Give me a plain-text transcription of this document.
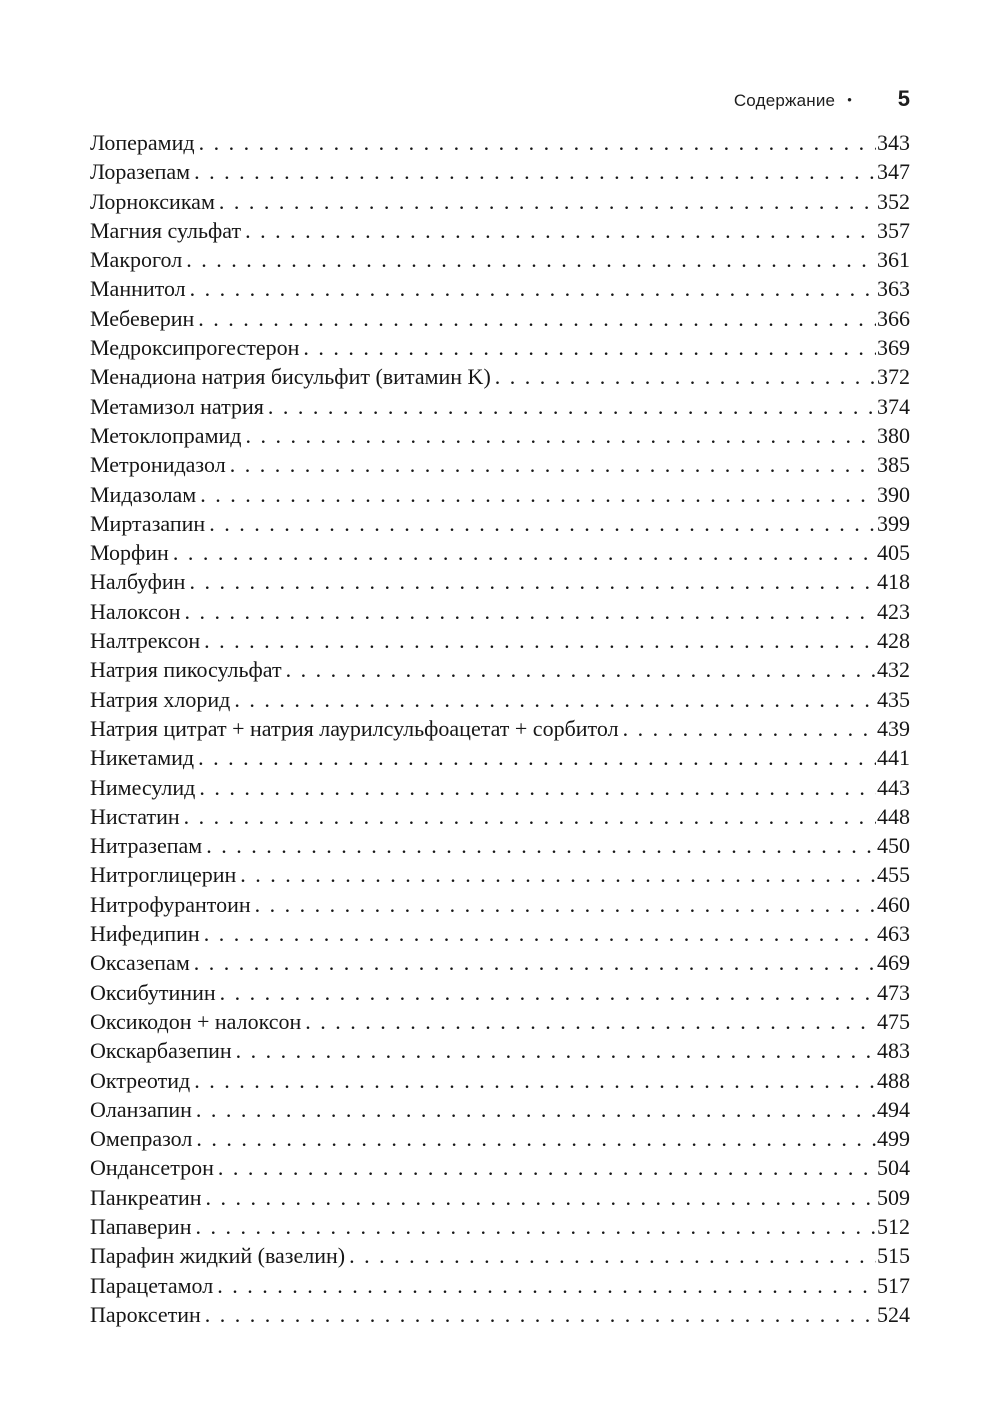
Содержание • 5
Лоперамид . . .	343
Лоразепам . . .	347
Лорноксикам . . .	352
Магния сульфат . . .	357
Макрогол . . .	361
Маннитол . . .	363
Мебеверин . . .	366
Медроксипрогестерон . . .	369
Менадиона натрия бисульфит (витамин K) . . .	372
Метамизол натрия . . .	374
Метоклопрамид . . .	380
Метронидазол . . .	385
Мидазолам . . .	390
Миртазапин . . .	399
Морфин . . .	405
Налбуфин . . .	418
Налоксон . . .	423
Налтрексон . . .	428
Натрия пикосульфат . . .	432
Натрия хлорид . . .	435
Натрия цитрат + натрия лаурилсульфоацетат + сорбитол . . .	439
Никетамид . . .	441
Нимесулид . . .	443
Нистатин . . .	448
Нитразепам . . .	450
Нитроглицерин . . .	455
Нитрофурантоин . . .	460
Нифедипин . . .	463
Оксазепам . . .	469
Оксибутинин . . .	473
Оксикодон + налоксон . . .	475
Окскарбазепин . . .	483
Октреотид . . .	488
Оланзапин . . .	494
Омепразол . . .	499
Ондансетрон . . .	504
Панкреатин . . .	509
Папаверин . . .	512
Парафин жидкий (вазелин) . . .	515
Парацетамол . . .	517
Пароксетин . . .	524
